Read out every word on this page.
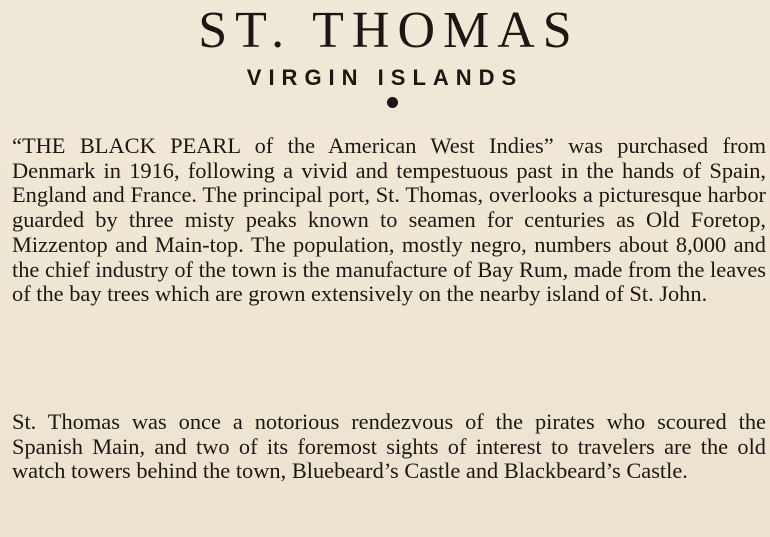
ST. THOMAS
VIRGIN ISLANDS

“THE BLACK PEARL of the American West Indies” was purchased from Denmark in 1916, following a vivid and tempestuous past in the hands of Spain, England and France. The principal port, St. Thomas, overlooks a picturesque harbor guarded by three misty peaks known to seamen for centuries as Old Foretop, Mizzentop and Main-top. The population, mostly negro, numbers about 8,000 and the chief industry of the town is the manufacture of Bay Rum, made from the leaves of the bay trees which are grown extensively on the nearby island of St. John.

St. Thomas was once a notorious rendezvous of the pirates who scoured the Spanish Main, and two of its foremost sights of interest to travelers are the old watch towers behind the town, Bluebeard’s Castle and Blackbeard’s Castle.
